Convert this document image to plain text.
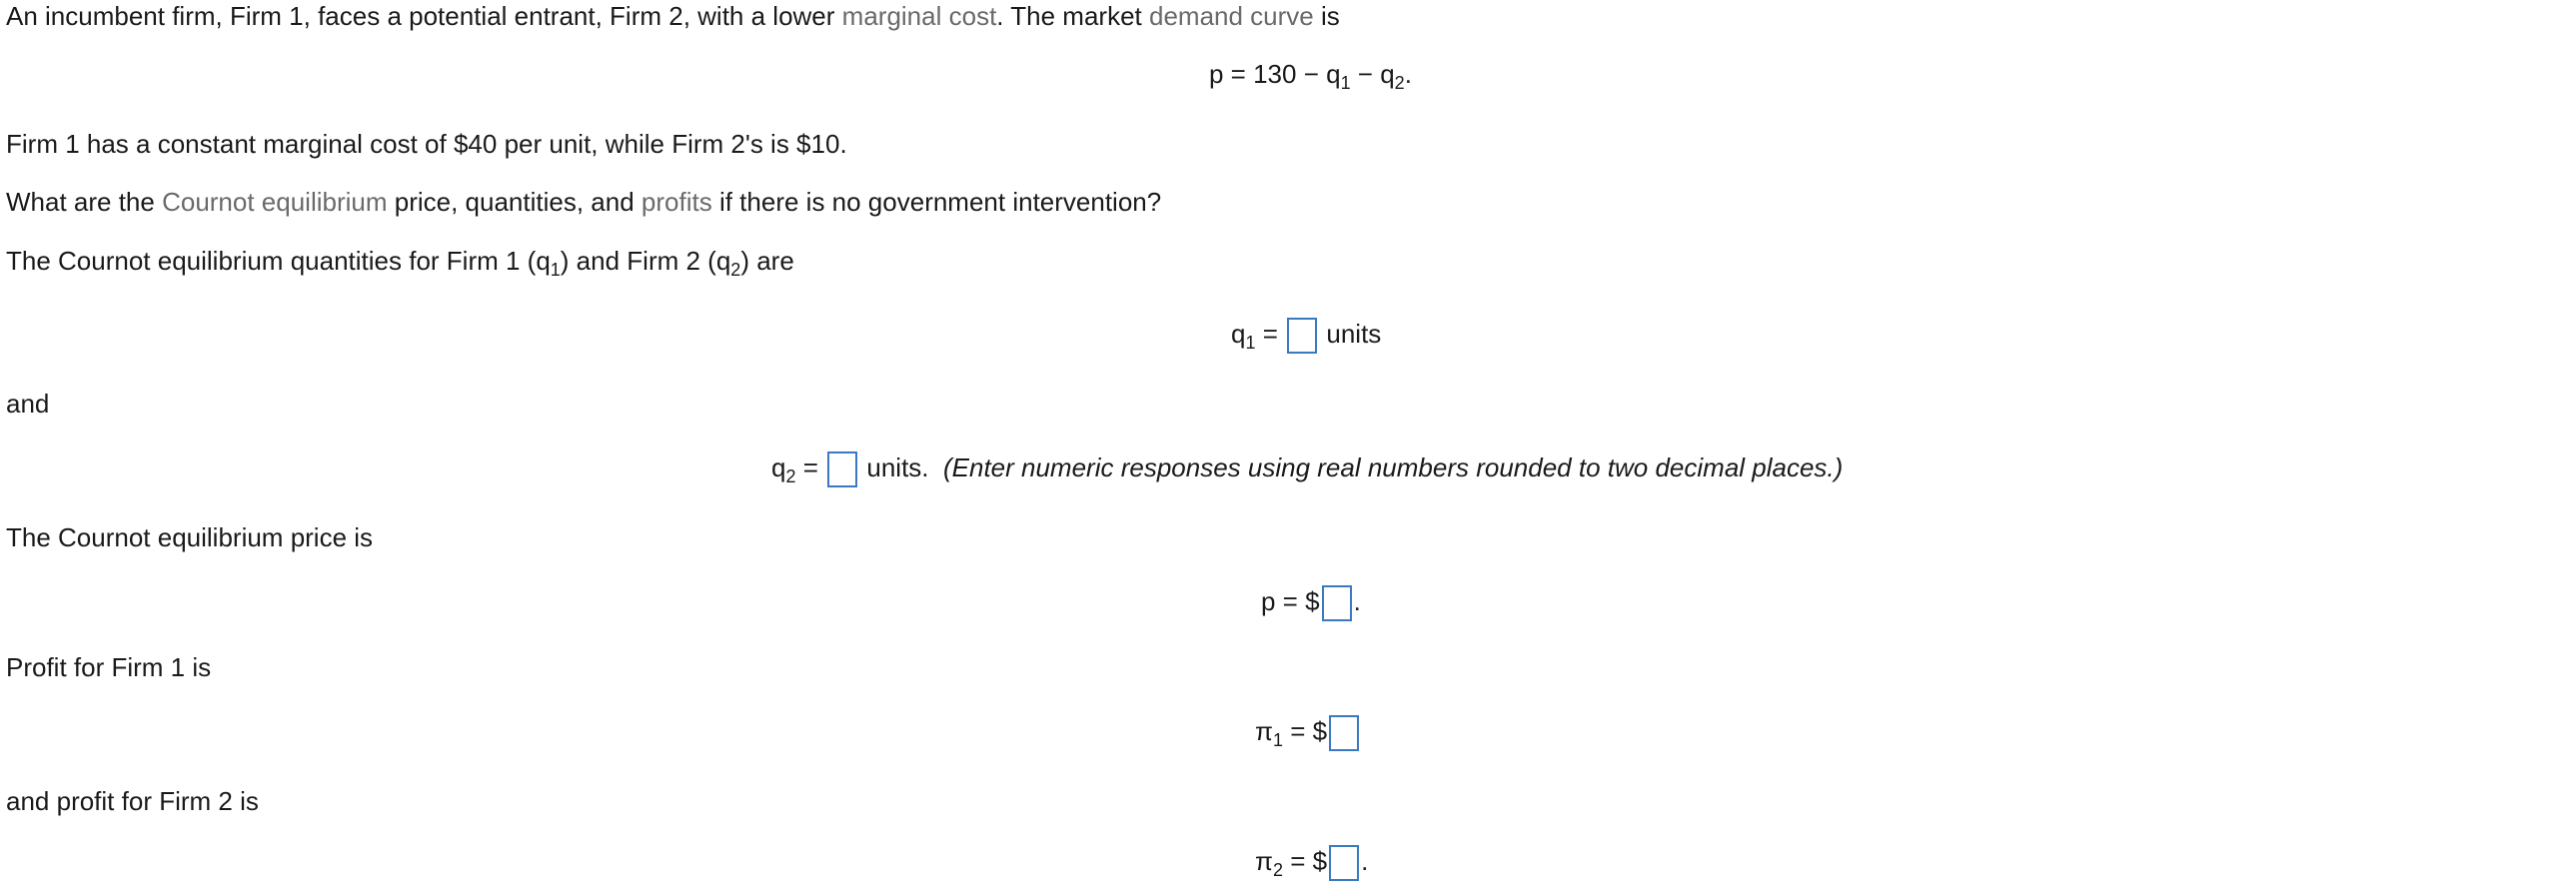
An incumbent firm, Firm 1, faces a potential entrant, Firm 2, with a lower marginal cost. The market demand curve is
$p = 130 - q_1 - q_2$.
Firm 1 has a constant marginal cost of $40 per unit, while Firm 2's is $10.
What are the Cournot equilibrium price, quantities, and profits if there is no government intervention?
The Cournot equilibrium quantities for Firm 1 $(q_1)$ and Firm 2 $(q_2)$ are
$q_1$ = units
and
$q_2$ = units. (Enter numeric responses using real numbers rounded to two decimal places.)
The Cournot equilibrium price is
p = $ .
Profit for Firm 1 is
$\pi_1$ = $
and profit for Firm 2 is
$\pi_2$ = $ .
